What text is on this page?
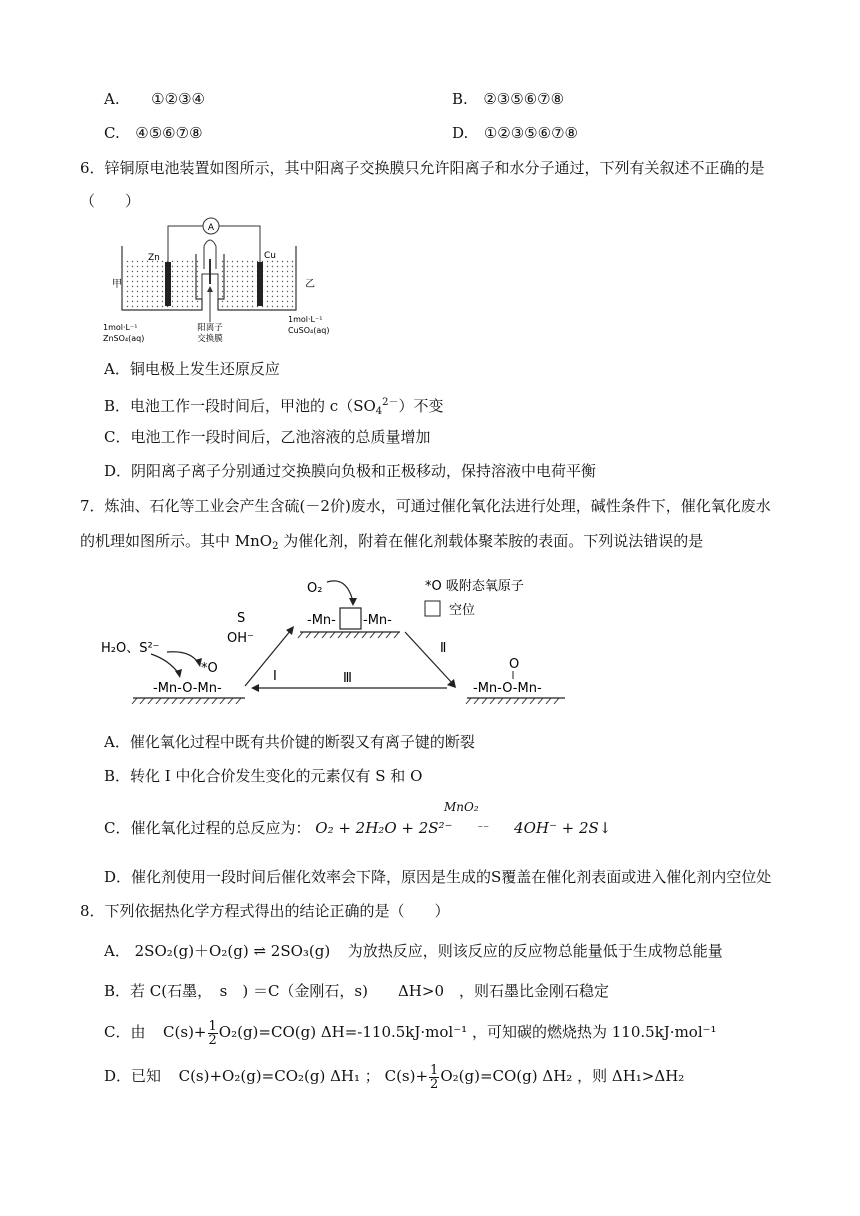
A. ①②③④	B. ②③⑤⑥⑦⑧
C. ④⑤⑥⑦⑧	D. ①②③⑤⑥⑦⑧
6．锌铜原电池装置如图所示，其中阳离子交换膜只允许阳离子和水分子通过，下列有关叙述不正确的是
（　　）
A
Zn	Cu
甲	乙
阳离子
交换膜
1mol·L⁻¹
ZnSO₄(aq)
1mol·L⁻¹
CuSO₄(aq)
A．铜电极上发生还原反应
B．电池工作一段时间后，甲池的 $c(SO_4^{2-})$不变
C．电池工作一段时间后，乙池溶液的总质量增加
D．阴阳离子离子分别通过交换膜向负极和正极移动，保持溶液中电荷平衡
7．炼油、石化等工业会产生含硫(－2价)废水，可通过催化氧化法进行处理，碱性条件下，催化氧化废水
的机理如图所示。其中 MnO$_2$ 为催化剂，附着在催化剂载体聚苯胺的表面。下列说法错误的是
O₂
-Mn- -Mn-
*O 吸附态氧原子
空位
S
OH⁻
H₂O、S²⁻
*O
-Mn-O-Mn-
Ⅰ
Ⅱ
Ⅲ
O
-Mn-O-Mn-
A．催化氧化过程中既有共价键的断裂又有离子键的断裂
B．转化 I 中化合价发生变化的元素仅有 S 和 O
MnO₂
C．催化氧化过程的总反应为： O₂ + 2H₂O + 2S²⁻ ⁻⁻ 4OH⁻ + 2S↓
D．催化剂使用一段时间后催化效率会下降，原因是生成的S覆盖在催化剂表面或进入催化剂内空位处
8．下列依据热化学方程式得出的结论正确的是（　　）
A． 2SO₂(g)＋O₂(g) ⇌ 2SO₃(g) 为放热反应，则该反应的反应物总能量低于生成物总能量
B．若 C(石墨，　s　) ＝C（金刚石，s)　　ΔH>0　，则石墨比金刚石稳定
C．由 $C(s)+ \frac{1}{2} O_2(g)=CO(g)$ ΔH=-110.5kJ·mol⁻¹ ，可知碳的燃烧热为 110.5kJ·mol⁻¹
D．已知 C(s)+O₂(g)=CO₂(g) ΔH₁ ； $C(s)+ \frac{1}{2} O_2(g)=CO(g)$ ΔH₂ ，则 ΔH₁>ΔH₂
